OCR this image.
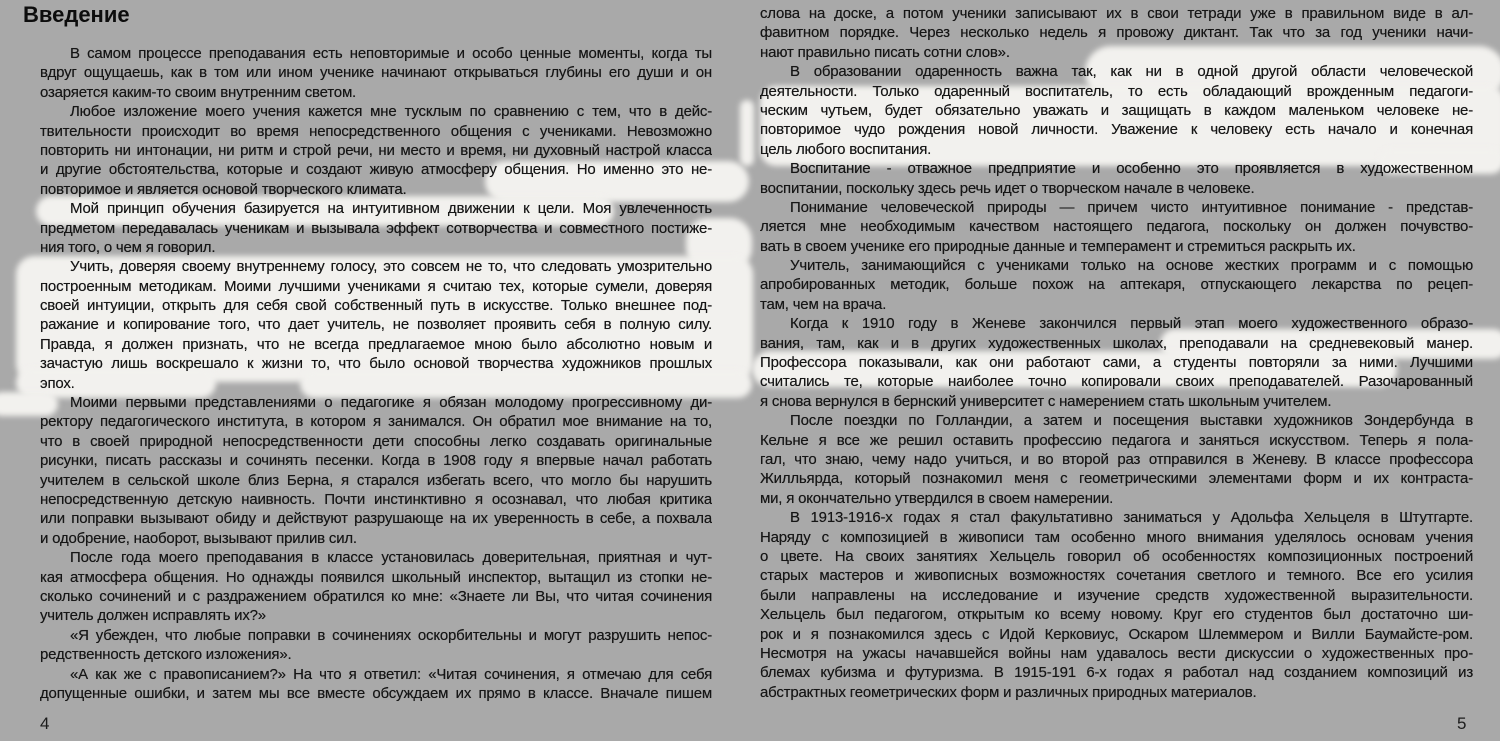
Введение
В самом процессе преподавания есть неповторимые и особо ценные моменты, когда ты
вдруг ощущаешь, как в том или ином ученике начинают открываться глубины его души и он
озаряется каким-то своим внутренним светом.
Любое изложение моего учения кажется мне тусклым по сравнению с тем, что в дейс-
твительности происходит во время непосредственного общения с учениками. Невозможно
повторить ни интонации, ни ритм и строй речи, ни место и время, ни духовный настрой класса
и другие обстоятельства, которые и создают живую атмосферу общения. Но именно это не-
повторимое и является основой творческого климата.
Мой принцип обучения базируется на интуитивном движении к цели. Моя увлеченность
предметом передавалась ученикам и вызывала эффект сотворчества и совместного постиже-
ния того, о чем я говорил.
Учить, доверяя своему внутреннему голосу, это совсем не то, что следовать умозрительно
построенным методикам. Моими лучшими учениками я считаю тех, которые сумели, доверяя
своей интуиции, открыть для себя свой собственный путь в искусстве. Только внешнее под-
ражание и копирование того, что дает учитель, не позволяет проявить себя в полную силу.
Правда, я должен признать, что не всегда предлагаемое мною было абсолютно новым и
зачастую лишь воскрешало к жизни то, что было основой творчества художников прошлых
эпох.
Моими первыми представлениями о педагогике я обязан молодому прогрессивному ди-
ректору педагогического института, в котором я занимался. Он обратил мое внимание на то,
что в своей природной непосредственности дети способны легко создавать оригинальные
рисунки, писать рассказы и сочинять песенки. Когда в 1908 году я впервые начал работать
учителем в сельской школе близ Берна, я старался избегать всего, что могло бы нарушить
непосредственную детскую наивность. Почти инстинктивно я осознавал, что любая критика
или поправки вызывают обиду и действуют разрушающе на их уверенность в себе, а похвала
и одобрение, наоборот, вызывают прилив сил.
После года моего преподавания в классе установилась доверительная, приятная и чут-
кая атмосфера общения. Но однажды появился школьный инспектор, вытащил из стопки не-
сколько сочинений и с раздражением обратился ко мне: «Знаете ли Вы, что читая сочинения
учитель должен исправлять их?»
«Я убежден, что любые поправки в сочинениях оскорбительны и могут разрушить непос-
редственность детского изложения».
«А как же с правописанием?» На что я ответил: «Читая сочинения, я отмечаю для себя
допущенные ошибки, и затем мы все вместе обсуждаем их прямо в классе. Вначале пишем
слова на доске, а потом ученики записывают их в свои тетради уже в правильном виде в ал-
фавитном порядке. Через несколько недель я провожу диктант. Так что за год ученики начи-
нают правильно писать сотни слов».
В образовании одаренность важна так, как ни в одной другой области человеческой
деятельности. Только одаренный воспитатель, то есть обладающий врожденным педагоги-
ческим чутьем, будет обязательно уважать и защищать в каждом маленьком человеке не-
повторимое чудо рождения новой личности. Уважение к человеку есть начало и конечная
цель любого воспитания.
Воспитание - отважное предприятие и особенно это проявляется в художественном
воспитании, поскольку здесь речь идет о творческом начале в человеке.
Понимание человеческой природы — причем чисто интуитивное понимание - представ-
ляется мне необходимым качеством настоящего педагога, поскольку он должен почувство-
вать в своем ученике его природные данные и темперамент и стремиться раскрыть их.
Учитель, занимающийся с учениками только на основе жестких программ и с помощью
апробированных методик, больше похож на аптекаря, отпускающего лекарства по рецеп-
там, чем на врача.
Когда к 1910 году в Женеве закончился первый этап моего художественного образо-
вания, там, как и в других художественных школах, преподавали на средневековый манер.
Профессора показывали, как они работают сами, а студенты повторяли за ними. Лучшими
считались те, которые наиболее точно копировали своих преподавателей. Разочарованный
я снова вернулся в бернский университет с намерением стать школьным учителем.
После поездки по Голландии, а затем и посещения выставки художников Зондербунда в
Кельне я все же решил оставить профессию педагога и заняться искусством. Теперь я пола-
гал, что знаю, чему надо учиться, и во второй раз отправился в Женеву. В классе профессора
Жилльярда, который познакомил меня с геометрическими элементами форм и их контраста-
ми, я окончательно утвердился в своем намерении.
В 1913-1916-х годах я стал факультативно заниматься у Адольфа Хельцеля в Штутгарте.
Наряду с композицией в живописи там особенно много внимания уделялось основам учения
о цвете. На своих занятиях Хельцель говорил об особенностях композиционных построений
старых мастеров и живописных возможностях сочетания светлого и темного. Все его усилия
были направлены на исследование и изучение средств художественной выразительности.
Хельцель был педагогом, открытым ко всему новому. Круг его студентов был достаточно ши-
рок и я познакомился здесь с Идой Керковиус, Оскаром Шлеммером и Вилли Баумайсте-ром.
Несмотря на ужасы начавшейся войны нам удавалось вести дискуссии о художественных про-
блемах кубизма и футуризма. В 1915-191 6-х годах я работал над созданием композиций из
абстрактных геометрических форм и различных природных материалов.
4	5
